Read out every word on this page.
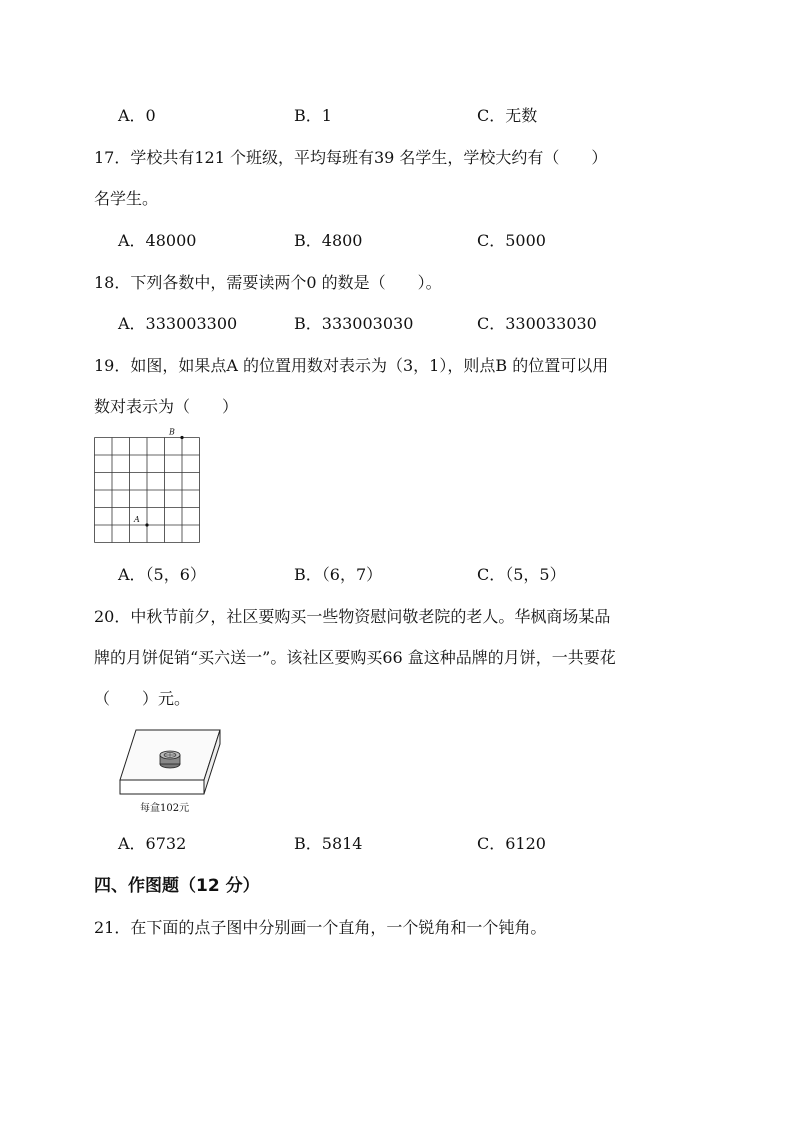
A．0	B．1	C．无数
17．学校共有121 个班级，平均每班有39 名学生，学校大约有（　　）
名学生。
A．48000	B．4800	C．5000
18．下列各数中，需要读两个0 的数是（　　）。
A．333003300	B．333003030	C．330033030
19．如图，如果点A 的位置用数对表示为（3，1），则点B 的位置可以用
数对表示为（　　）
A
B
A．（5，6）	B．（6，7）	C．（5，5）
20．中秋节前夕，社区要购买一些物资慰问敬老院的老人。华枫商场某品
牌的月饼促销“买六送一”。该社区要购买66 盒这种品牌的月饼，一共要花
（　　）元。
每盒102元
A．6732	B．5814	C．6120
四、作图题（12 分）
21．在下面的点子图中分别画一个直角，一个锐角和一个钝角。
